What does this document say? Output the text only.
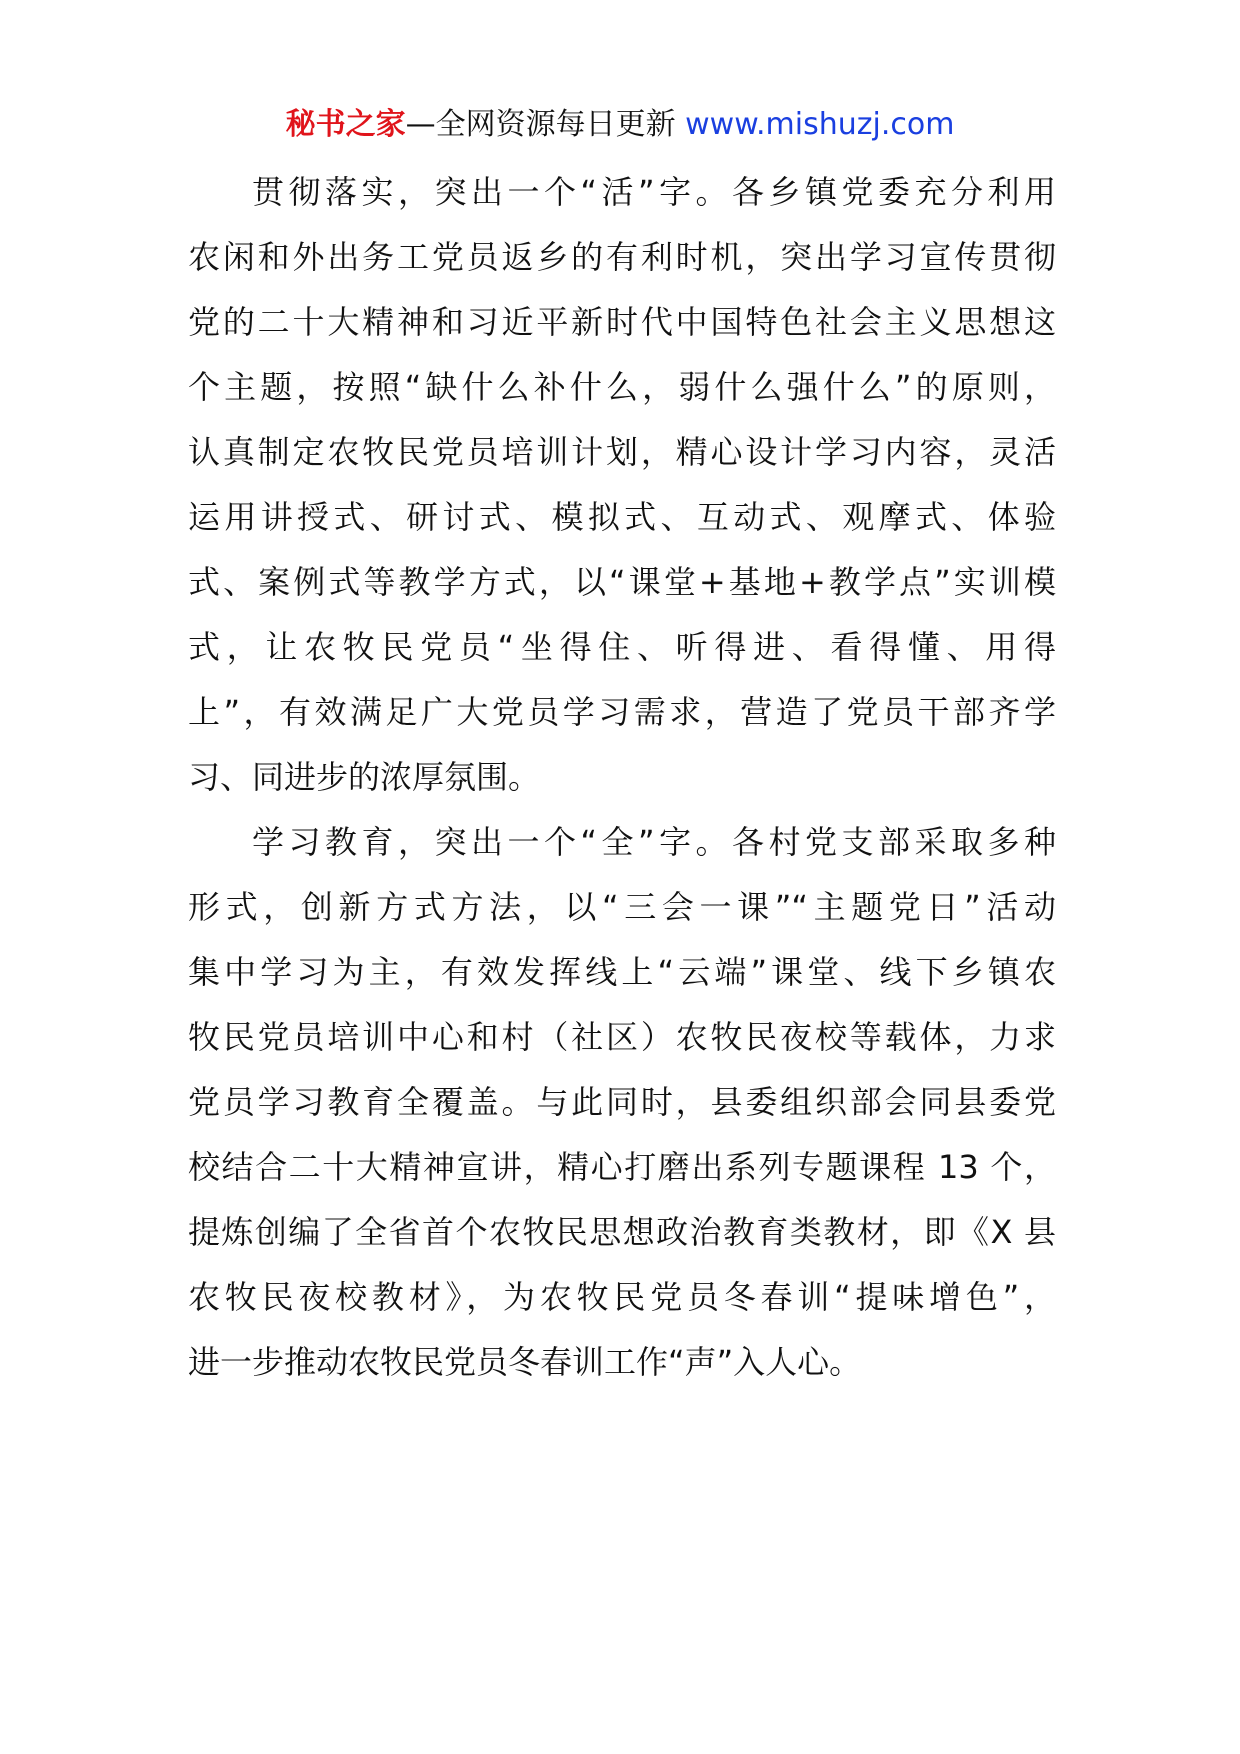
秘书之家—全网资源每日更新 www.mishuzj.com
贯彻落实，突出一个“活”字。各乡镇党委充分利用
农闲和外出务工党员返乡的有利时机，突出学习宣传贯彻
党的二十大精神和习近平新时代中国特色社会主义思想这
个主题，按照“缺什么补什么，弱什么强什么”的原则，
认真制定农牧民党员培训计划，精心设计学习内容，灵活
运用讲授式、研讨式、模拟式、互动式、观摩式、体验
式、案例式等教学方式，以“课堂+基地+教学点”实训模
式，让农牧民党员“坐得住、听得进、看得懂、用得
上”，有效满足广大党员学习需求，营造了党员干部齐学
习、同进步的浓厚氛围。
学习教育，突出一个“全”字。各村党支部采取多种
形式，创新方式方法，以“三会一课”“主题党日”活动
集中学习为主，有效发挥线上“云端”课堂、线下乡镇农
牧民党员培训中心和村（社区）农牧民夜校等载体，力求
党员学习教育全覆盖。与此同时，县委组织部会同县委党
校结合二十大精神宣讲，精心打磨出系列专题课程 13 个，
提炼创编了全省首个农牧民思想政治教育类教材，即《X 县
农牧民夜校教材》，为农牧民党员冬春训“提味增色”，
进一步推动农牧民党员冬春训工作“声”入人心。
